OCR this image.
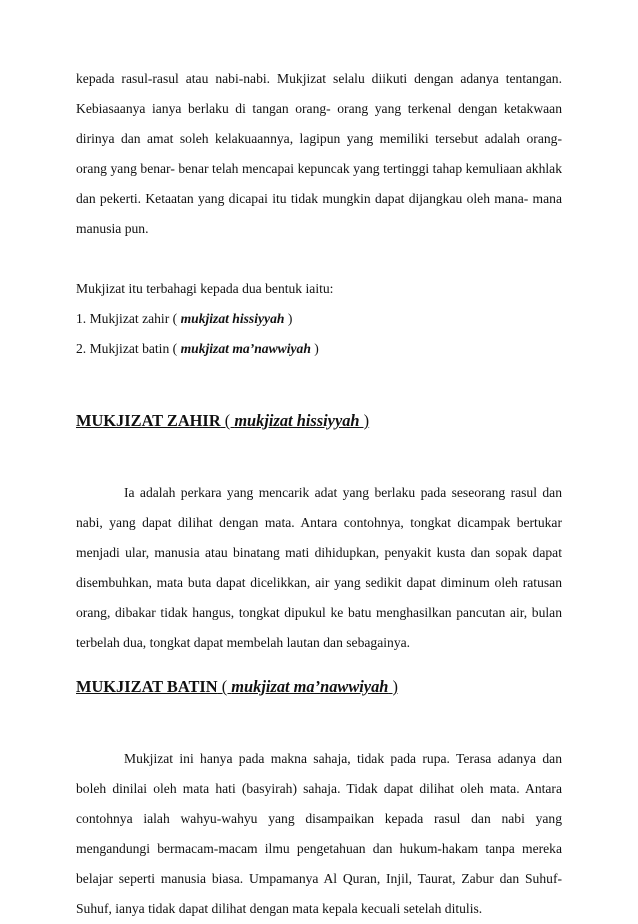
kepada rasul-rasul atau nabi-nabi. Mukjizat selalu diikuti dengan adanya tentangan. Kebiasaanya ianya berlaku di tangan orang- orang yang terkenal dengan ketakwaan dirinya dan amat soleh kelakuaannya, lagipun yang memiliki tersebut adalah orang- orang yang benar- benar telah mencapai kepuncak yang tertinggi tahap kemuliaan akhlak dan pekerti. Ketaatan yang dicapai itu tidak mungkin dapat dijangkau oleh mana- mana manusia pun.

Mukjizat itu terbahagi kepada dua bentuk iaitu:
1. Mukjizat zahir ( mukjizat hissiyyah )
2. Mukjizat batin ( mukjizat ma’nawwiyah )
MUKJIZAT ZAHIR ( mukjizat hissiyyah )

Ia adalah perkara yang mencarik adat yang berlaku pada seseorang rasul dan nabi, yang dapat dilihat dengan mata. Antara contohnya, tongkat dicampak bertukar menjadi ular, manusia atau binatang mati dihidupkan, penyakit kusta dan sopak dapat disembuhkan, mata buta dapat dicelikkan, air yang sedikit dapat diminum oleh ratusan orang, dibakar tidak hangus, tongkat dipukul ke batu menghasilkan pancutan air, bulan terbelah dua, tongkat dapat membelah lautan dan sebagainya.

MUKJIZAT BATIN ( mukjizat ma’nawwiyah )

Mukjizat ini hanya pada makna sahaja, tidak pada rupa. Terasa adanya dan boleh dinilai oleh mata hati (basyirah) sahaja. Tidak dapat dilihat oleh mata. Antara contohnya ialah wahyu-wahyu yang disampaikan kepada rasul dan nabi yang mengandungi bermacam-macam ilmu pengetahuan dan hukum-hakam tanpa mereka belajar seperti manusia biasa. Umpamanya Al Quran, Injil, Taurat, Zabur dan Suhuf-Suhuf, ianya tidak dapat dilihat dengan mata kepala kecuali setelah ditulis.
